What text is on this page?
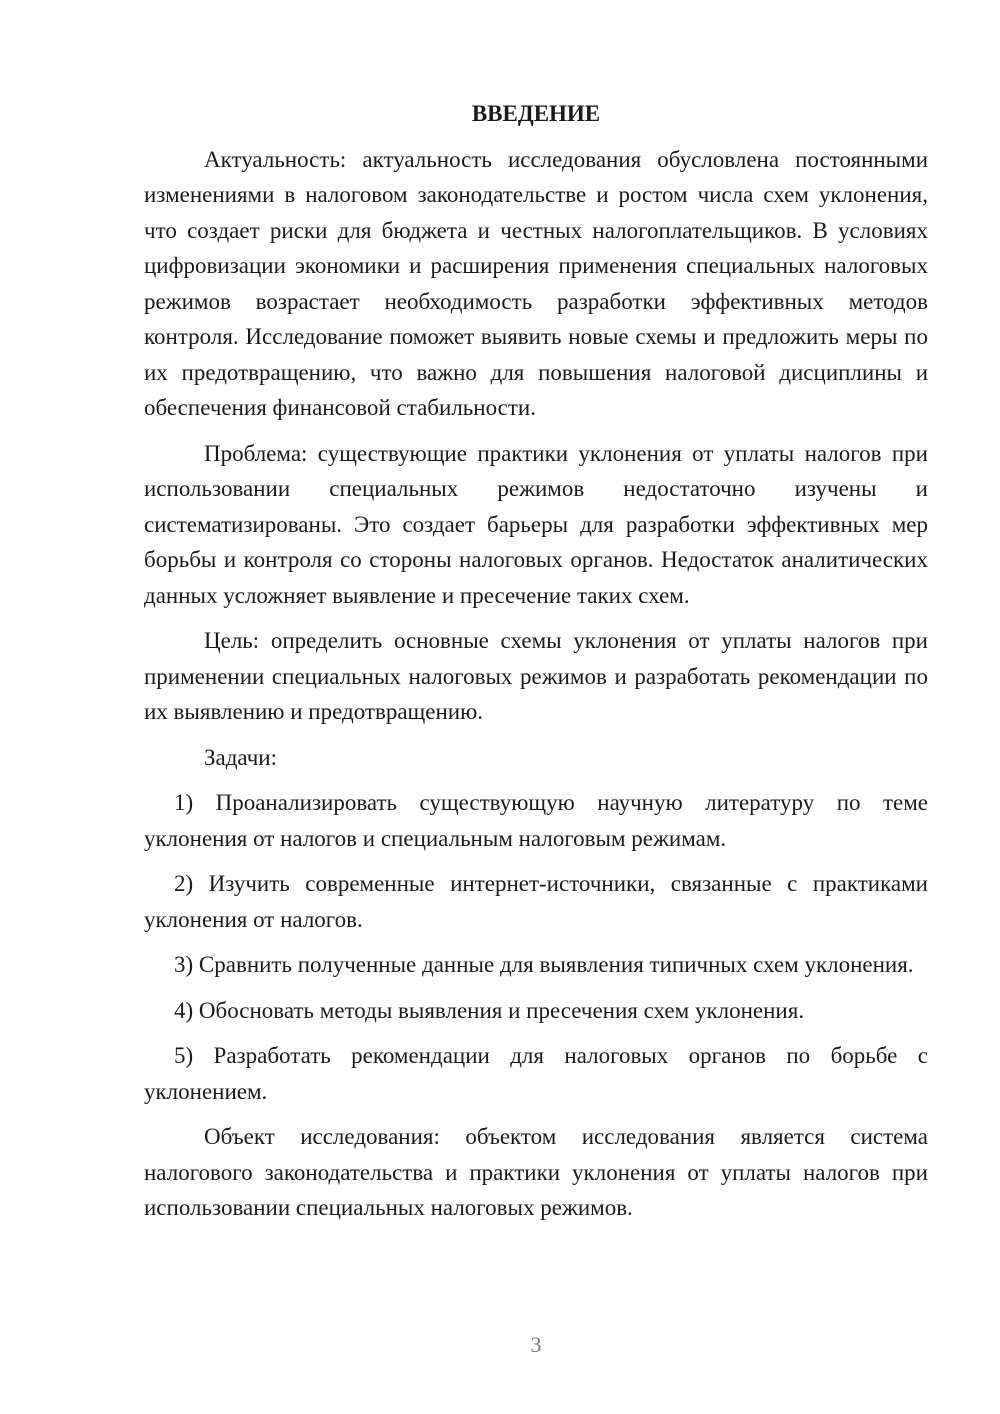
ВВЕДЕНИЕ

Актуальность: актуальность исследования обусловлена постоянными изменениями в налоговом законодательстве и ростом числа схем уклонения, что создает риски для бюджета и честных налогоплательщиков. В условиях цифровизации экономики и расширения применения специальных налоговых режимов возрастает необходимость разработки эффективных методов контроля. Исследование поможет выявить новые схемы и предложить меры по их предотвращению, что важно для повышения налоговой дисциплины и обеспечения финансовой стабильности.

Проблема: существующие практики уклонения от уплаты налогов при использовании специальных режимов недостаточно изучены и систематизированы. Это создает барьеры для разработки эффективных мер борьбы и контроля со стороны налоговых органов. Недостаток аналитических данных усложняет выявление и пресечение таких схем.

Цель: определить основные схемы уклонения от уплаты налогов при применении специальных налоговых режимов и разработать рекомендации по их выявлению и предотвращению.

Задачи:

1) Проанализировать существующую научную литературу по теме уклонения от налогов и специальным налоговым режимам.

2) Изучить современные интернет-источники, связанные с практиками уклонения от налогов.

3) Сравнить полученные данные для выявления типичных схем уклонения.

4) Обосновать методы выявления и пресечения схем уклонения.

5) Разработать рекомендации для налоговых органов по борьбе с уклонением.

Объект исследования: объектом исследования является система налогового законодательства и практики уклонения от уплаты налогов при использовании специальных налоговых режимов.

3
